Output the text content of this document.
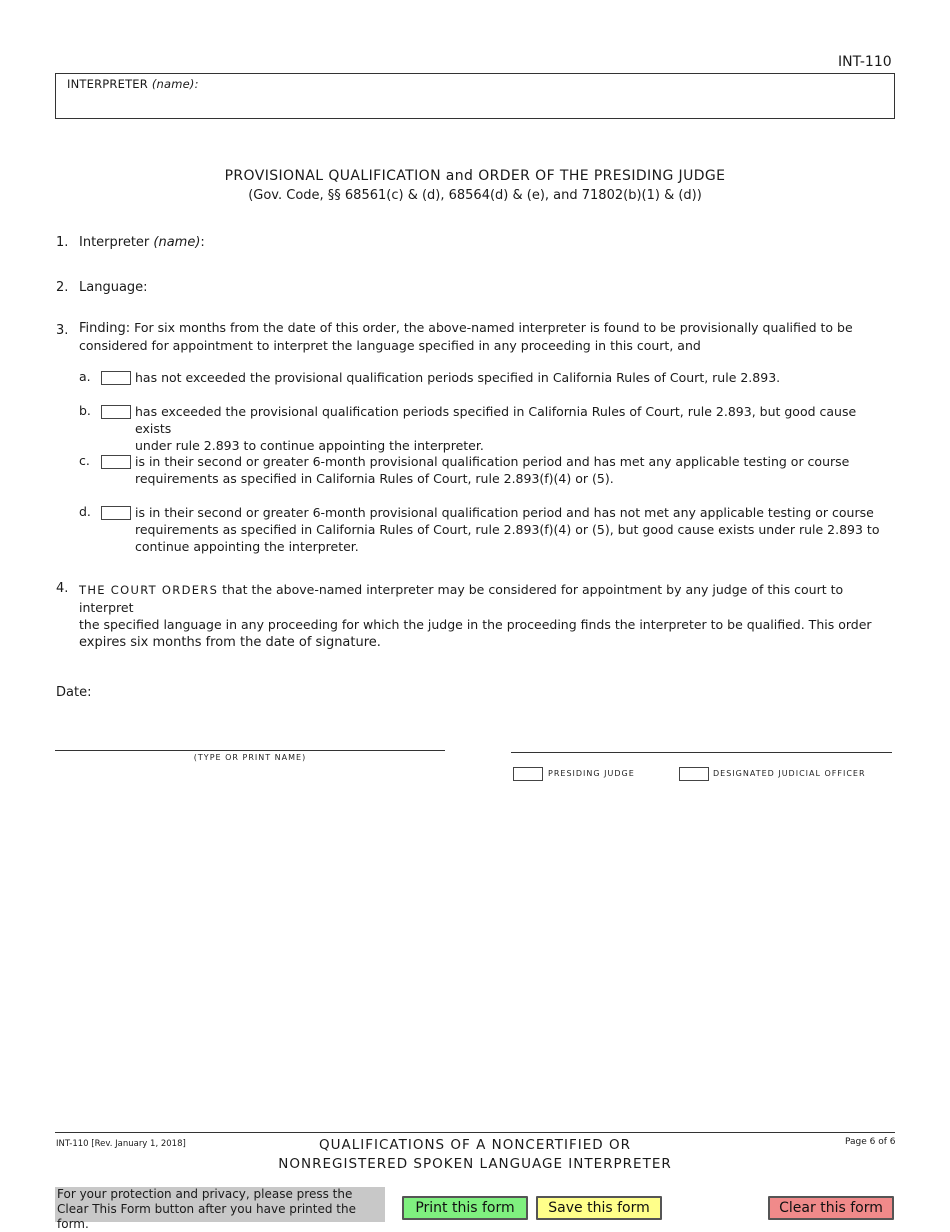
INT-110
INTERPRETER (name):
PROVISIONAL QUALIFICATION and ORDER OF THE PRESIDING JUDGE
(Gov. Code, §§ 68561(c) & (d), 68564(d) & (e), and 71802(b)(1) & (d))
1. Interpreter (name):
2. Language:
3. Finding: For six months from the date of this order, the above-named interpreter is found to be provisionally qualified to be
considered for appointment to interpret the language specified in any proceeding in this court, and
a.	has not exceeded the provisional qualification periods specified in California Rules of Court, rule 2.893.
b.	has exceeded the provisional qualification periods specified in California Rules of Court, rule 2.893, but good cause exists
under rule 2.893 to continue appointing the interpreter.
c.	is in their second or greater 6-month provisional qualification period and has met any applicable testing or course
requirements as specified in California Rules of Court, rule 2.893(f)(4) or (5).
d.	is in their second or greater 6-month provisional qualification period and has not met any applicable testing or course
requirements as specified in California Rules of Court, rule 2.893(f)(4) or (5), but good cause exists under rule 2.893 to
continue appointing the interpreter.
4. THE COURT ORDERS that the above-named interpreter may be considered for appointment by any judge of this court to interpret
the specified language in any proceeding for which the judge in the proceeding finds the interpreter to be qualified. This order
expires six months from the date of signature.
Date:
(TYPE OR PRINT NAME)
PRESIDING JUDGE	DESIGNATED JUDICIAL OFFICER
INT-110 [Rev. January 1, 2018]	QUALIFICATIONS OF A NONCERTIFIED OR
NONREGISTERED SPOKEN LANGUAGE INTERPRETER
Page 6 of 6
For your protection and privacy, please press the Clear This Form button after you have printed the form.
Print this form	Save this form	Clear this form
